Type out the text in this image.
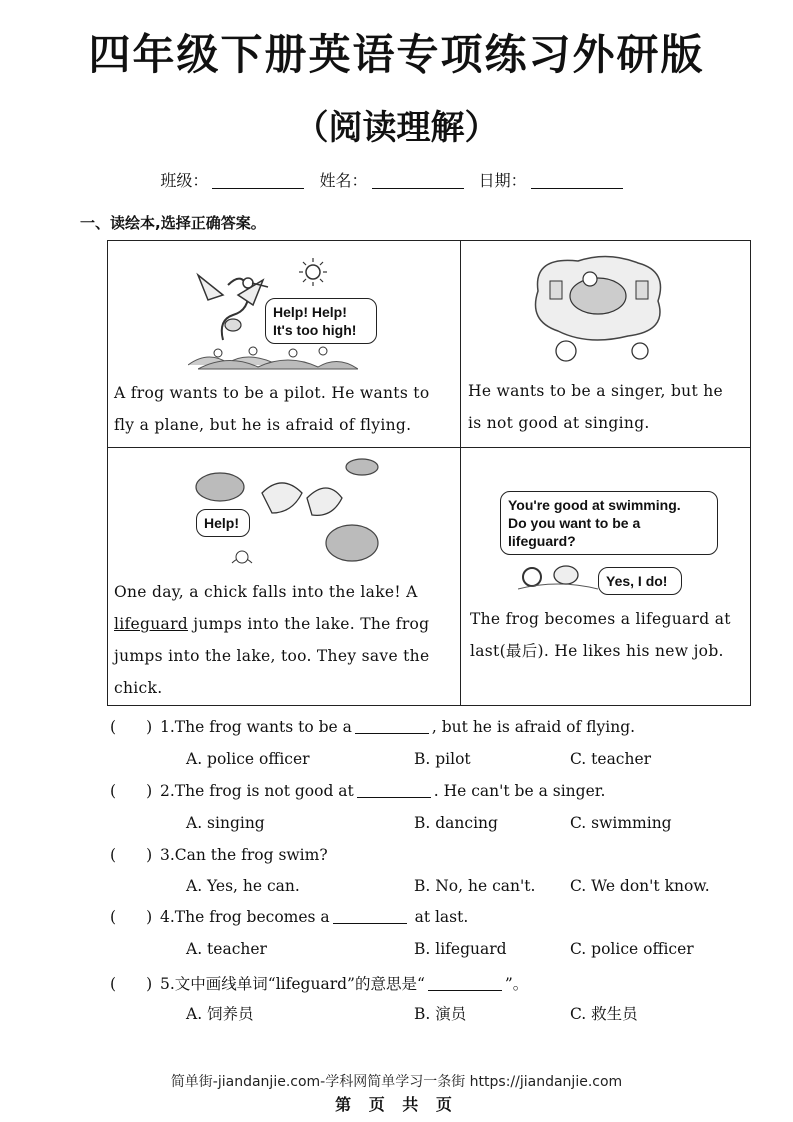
四年级下册英语专项练习外研版
（阅读理解）
班级：	姓名：	日期：
一、读绘本,选择正确答案。
Help! Help!
It's too high!
A frog wants to be a pilot. He wants to
fly a plane, but he is afraid of flying.
He wants to be a singer, but he
is not good at singing.
Help!
One day, a chick falls into the lake! A
lifeguard jumps into the lake. The frog
jumps into the lake, too. They save the
chick.
You're good at swimming.
Do you want to be a
lifeguard?
Yes, I do!
The frog becomes a lifeguard at
last(最后). He likes his new job.
( ) 1.The frog wants to be a	, but he is afraid of flying.
A. police officer	B. pilot	C. teacher
( ) 2.The frog is not good at	. He can't be a singer.
A. singing	B. dancing	C. swimming
( ) 3.Can the frog swim?
A. Yes, he can.	B. No, he can't. C. We don't know.
( ) 4.The frog becomes a	at last.
A. teacher	B. lifeguard	C. police officer
( ) 5.文中画线单词“lifeguard”的意思是“	”。
A. 饲养员	B. 演员	C. 救生员
简单街-jiandanjie.com-学科网简单学习一条街 https://jiandanjie.com
第 页 共 页
